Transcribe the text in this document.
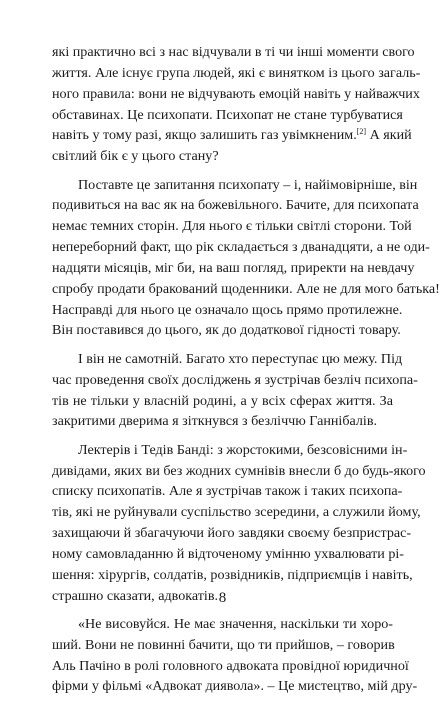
які практично всі з нас відчували в ті чи інші моменти свого
життя. Але існує група людей, які є винятком із цього загаль-
ного правила: вони не відчувають емоцій навіть у найважчих
обставинах. Це психопати. Психопат не стане турбуватися
навіть у тому разі, якщо залишить газ увімкненим.[2] А який
світлий бік є у цього стану?

Поставте це запитання психопату – і, найімовірніше, він
подивиться на вас як на божевільного. Бачите, для психопата
немає темних сторін. Для нього є тільки світлі сторони. Той
непереборний факт, що рік складається з дванадцяти, а не оди-
надцяти місяців, міг би, на ваш погляд, приректи на невдачу
спробу продати бракований щоденники. Але не для мого батька!
Насправді для нього це означало щось прямо протилежне.
Він поставився до цього, як до додаткової гідності товару.

І він не самотній. Багато хто переступає цю межу. Під
час проведення своїх досліджень я зустрічав безліч психопа-
тів не тільки у власній родині, а у всіх сферах життя. За
закритими дверима я зіткнувся з безліччю Ганнібалів.

Лектерів і Тедів Банді: з жорстокими, безсовісними ін-
дивідами, яких ви без жодних сумнівів внесли б до будь-якого
списку психопатів. Але я зустрічав також і таких психопа-
тів, які не руйнували суспільство зсередини, а служили йому,
захищаючи й збагачуючи його завдяки своєму безпристрас-
ному самовладанню й відточеному умінню ухвалювати рі-
шення: хірургів, солдатів, розвідників, підприємців і навіть,
страшно сказати, адвокатів.

«Не висовуйся. Не має значення, наскільки ти хоро-
ший. Вони не повинні бачити, що ти прийшов, – говорив
Аль Пачіно в ролі головного адвоката провідної юридичної
фірми у фільмі «Адвокат диявола». – Це мистецтво, мій дру-

8
